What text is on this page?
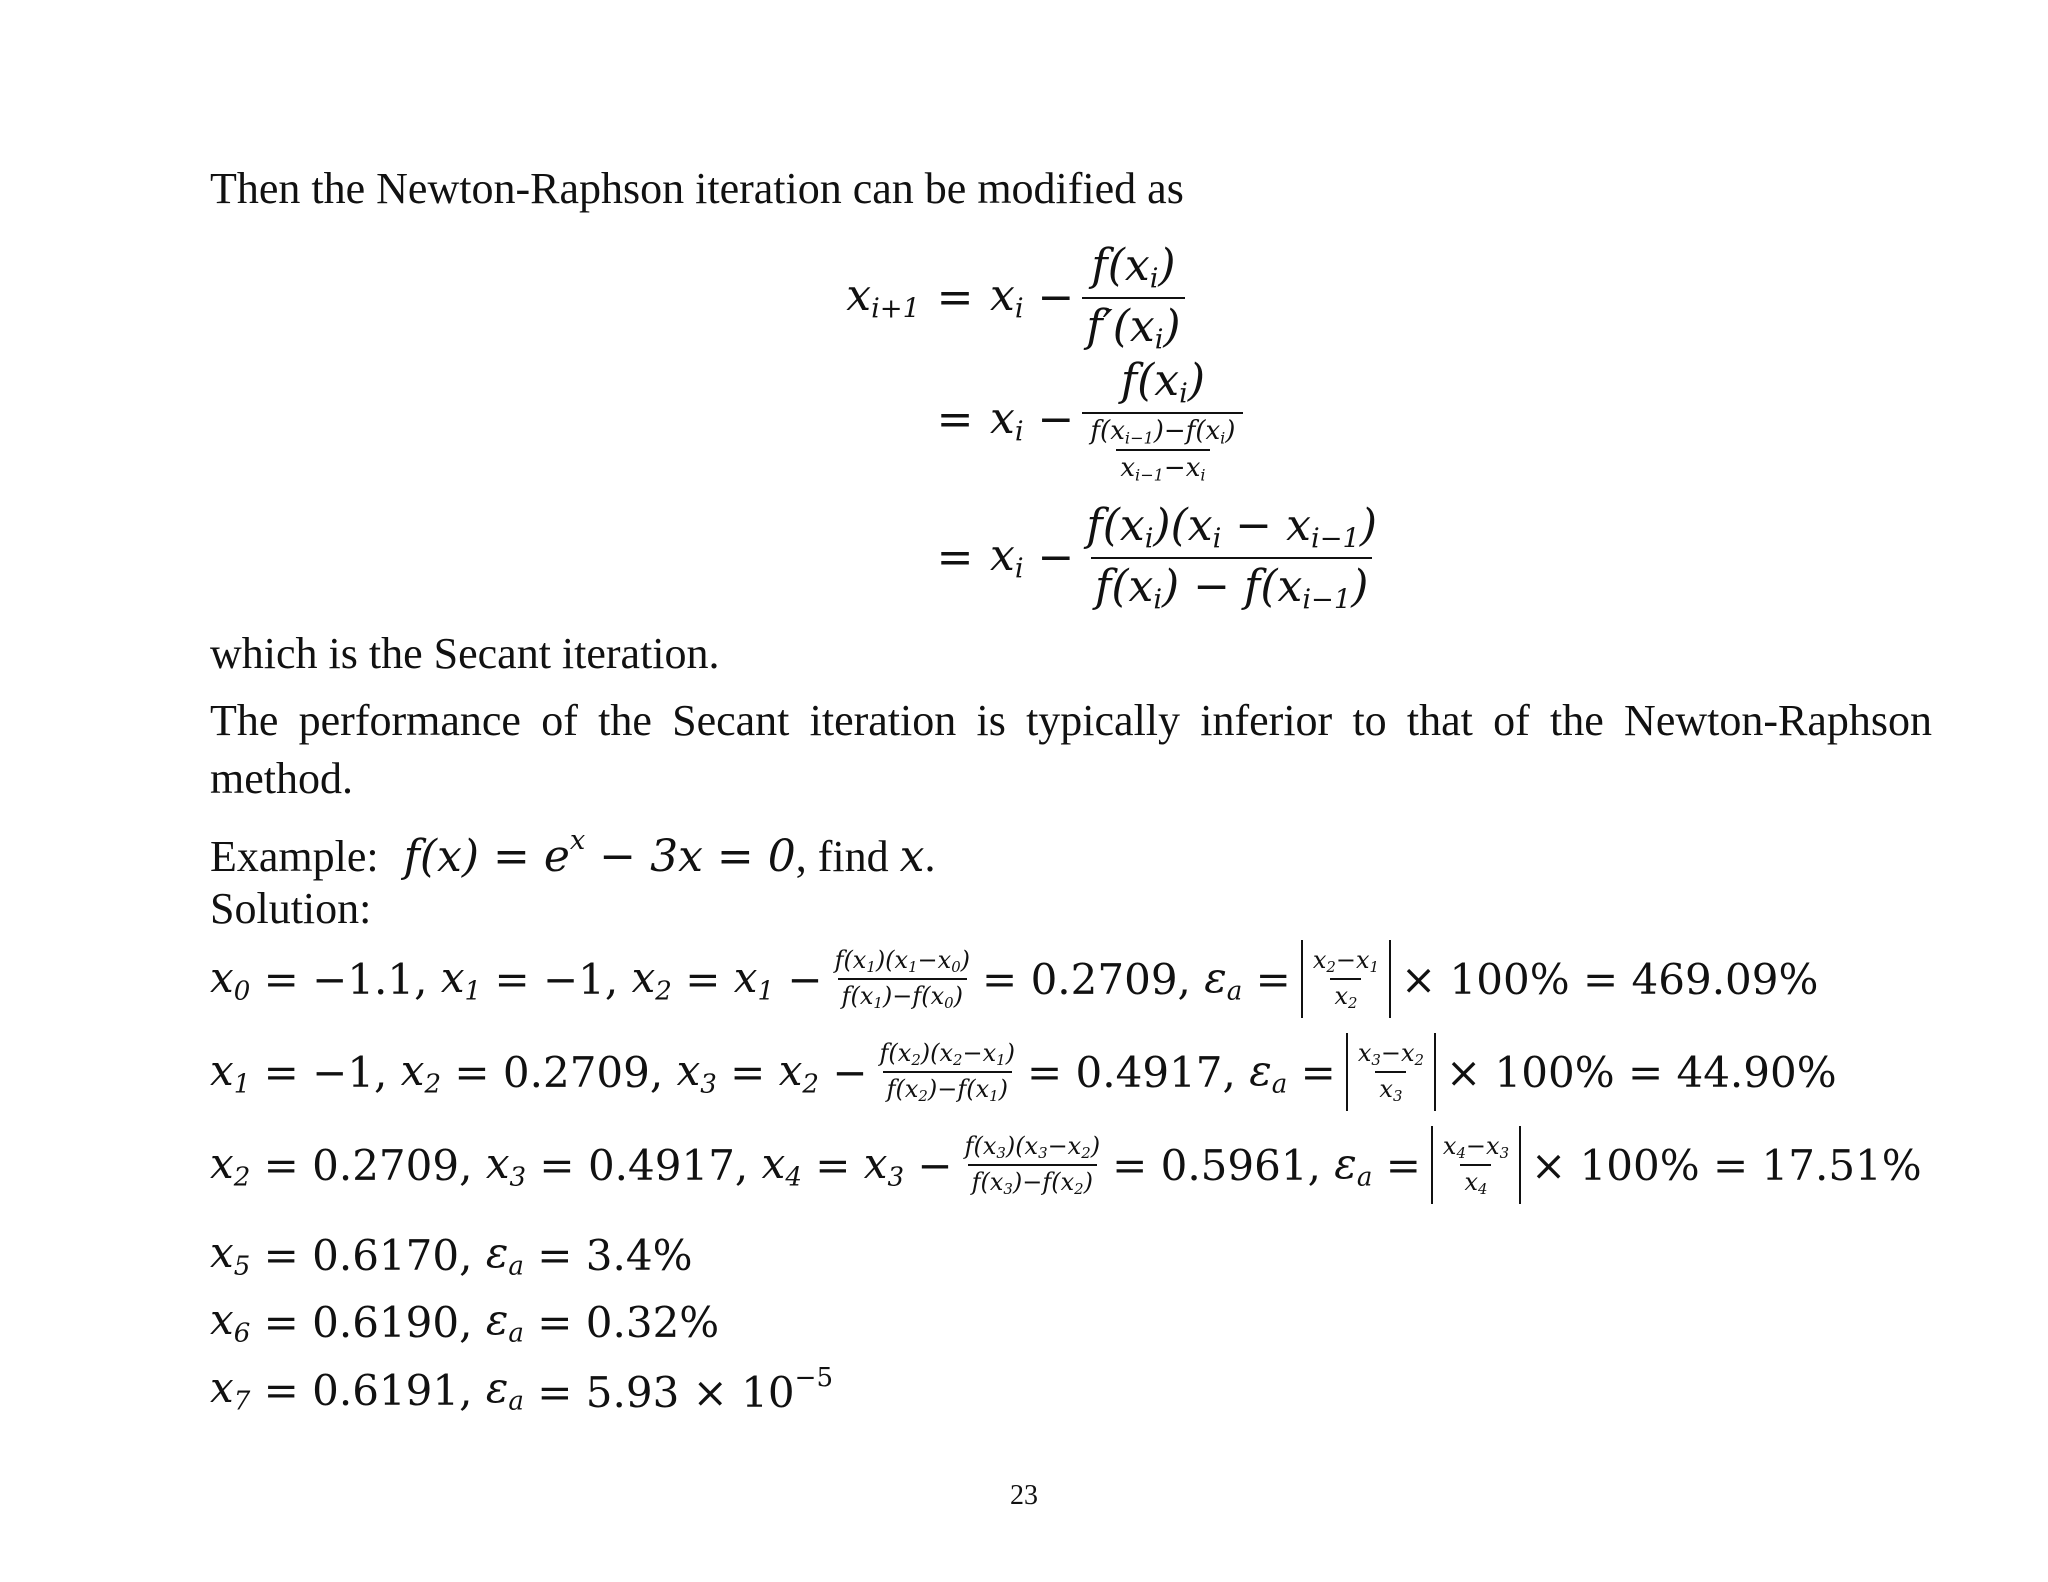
Then the Newton-Raphson iteration can be modified as
$x_{i+1} = x_i - \frac{f(x_i)}{f'(x_i)}$
= $x_i - \frac{f(x_i)}{\frac{f(x_{i-1})-f(x_i)}{x_{i-1}-x_i}}$
= $x_i - \frac{f(x_i)(x_i - x_{i-1})}{f(x_i) - f(x_{i-1})}$
which is the Secant iteration.
The performance of the Secant iteration is typically inferior to that of the Newton-Raphson method.
Example:  $f(x) = e^x - 3x = 0$, find x.
Solution:
$x_0 = -1.1$, $x_1 = -1$, $x_2 = x_1 - \frac{f(x_1)(x_1-x_0)}{f(x_1)-f(x_0)} = 0.2709$, $\varepsilon_a = \frac{x_2-x_1}{x_2} \times 100\% = 469.09\%$
$x_1 = -1$, $x_2 = 0.2709$, $x_3 = x_2 - \frac{f(x_2)(x_2-x_1)}{f(x_2)-f(x_1)} = 0.4917$, $\varepsilon_a = \frac{x_3-x_2}{x_3} \times 100\% = 44.90\%$
$x_2 = 0.2709$, $x_3 = 0.4917$, $x_4 = x_3 - \frac{f(x_3)(x_3-x_2)}{f(x_3)-f(x_2)} = 0.5961$, $\varepsilon_a = \frac{x_4-x_3}{x_4} \times 100\% = 17.51\%$
$x_5 = 0.6170$, $\varepsilon_a = 3.4\%$
$x_6 = 0.6190$, $\varepsilon_a = 0.32\%$
$x_7 = 0.6191$, $\varepsilon_a = 5.93 \times 10^{-5}$
23
